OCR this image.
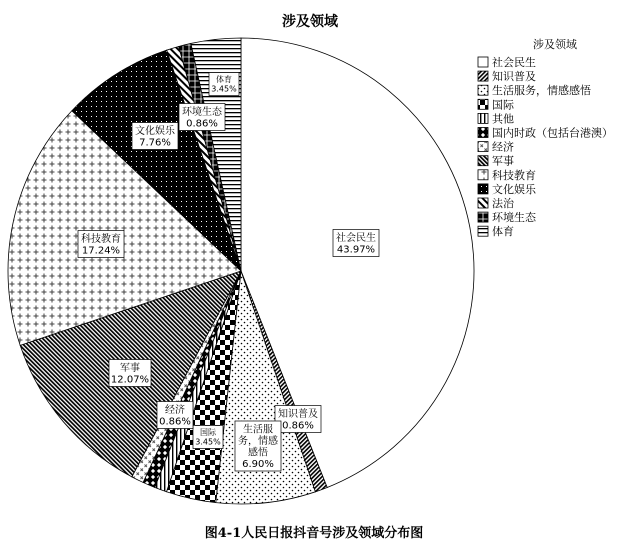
涉及领域
社会民生
43.97%
知识普及
0.86%
生活服
务，情感
感悟
6.90%
国际
3.45%
经济
0.86%
军事
12.07%
科技教育
17.24%
文化娱乐
7.76%
环境生态
0.86%
体育
3.45%
涉及领域
社会民生
知识普及
生活服务，情感感悟
国际
其他
国内时政（包括台港澳）
经济
军事
科技教育
文化娱乐
法治
环境生态
体育
图4-1人民日报抖音号涉及领域分布图
